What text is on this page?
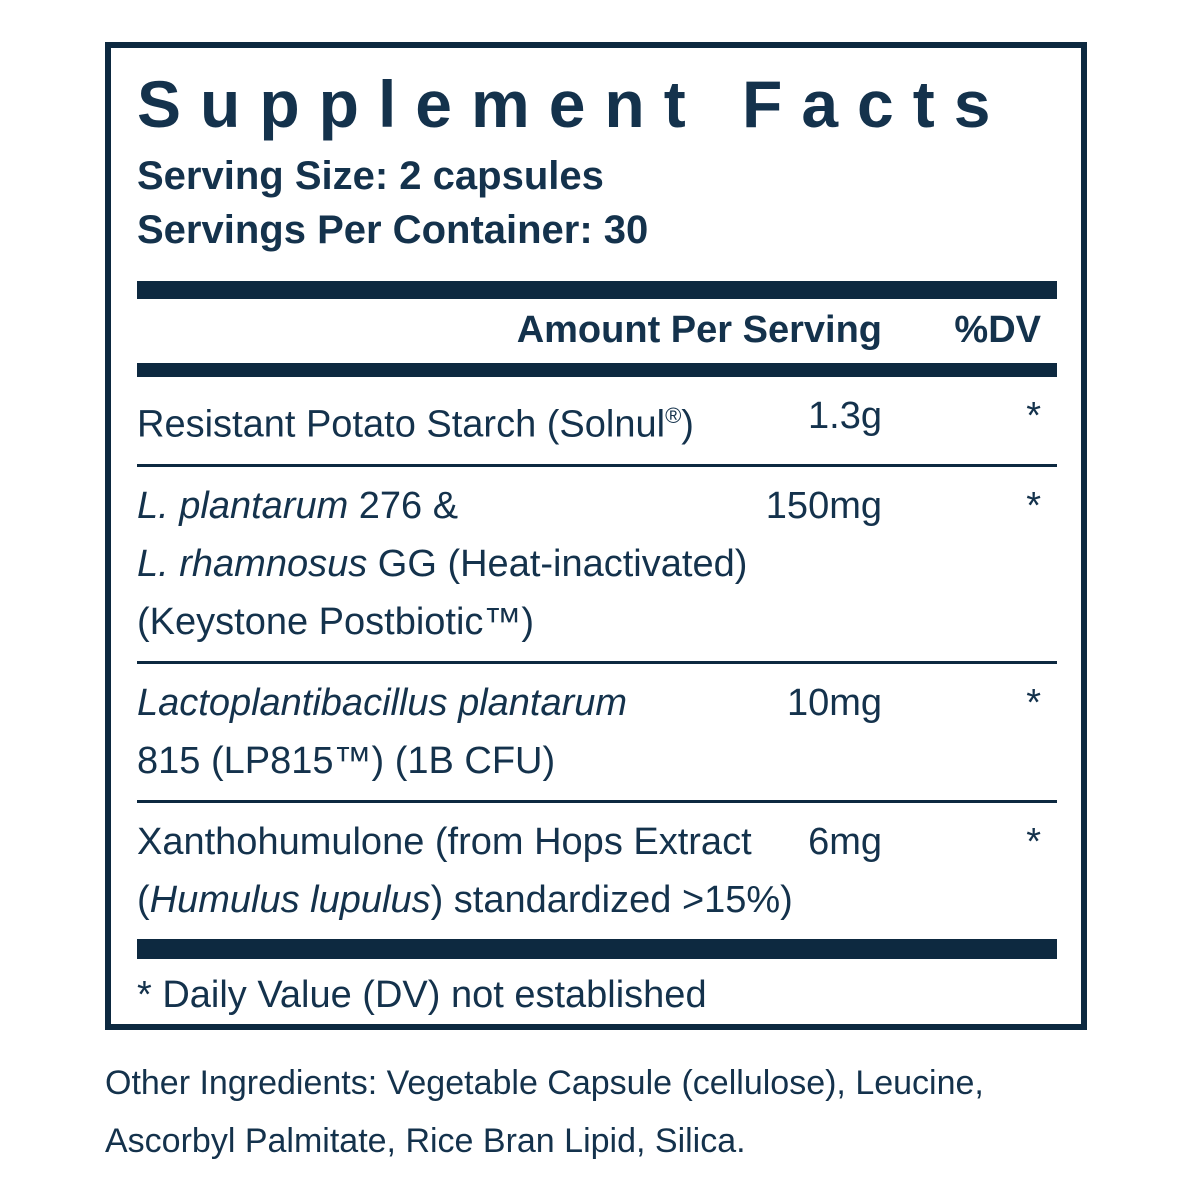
Supplement Facts
Serving Size: 2 capsules
Servings Per Container: 30
Amount Per Serving	%DV
Resistant Potato Starch (Solnul®)	1.3g	*
L. plantarum 276 &
L. rhamnosus GG (Heat-inactivated)
(Keystone Postbiotic™)
150mg	*
Lactoplantibacillus plantarum
815 (LP815™) (1B CFU)
10mg	*
Xanthohumulone (from Hops Extract
(Humulus lupulus) standardized >15%)
6mg	*
* Daily Value (DV) not established
Other Ingredients: Vegetable Capsule (cellulose), Leucine,
Ascorbyl Palmitate, Rice Bran Lipid, Silica.
